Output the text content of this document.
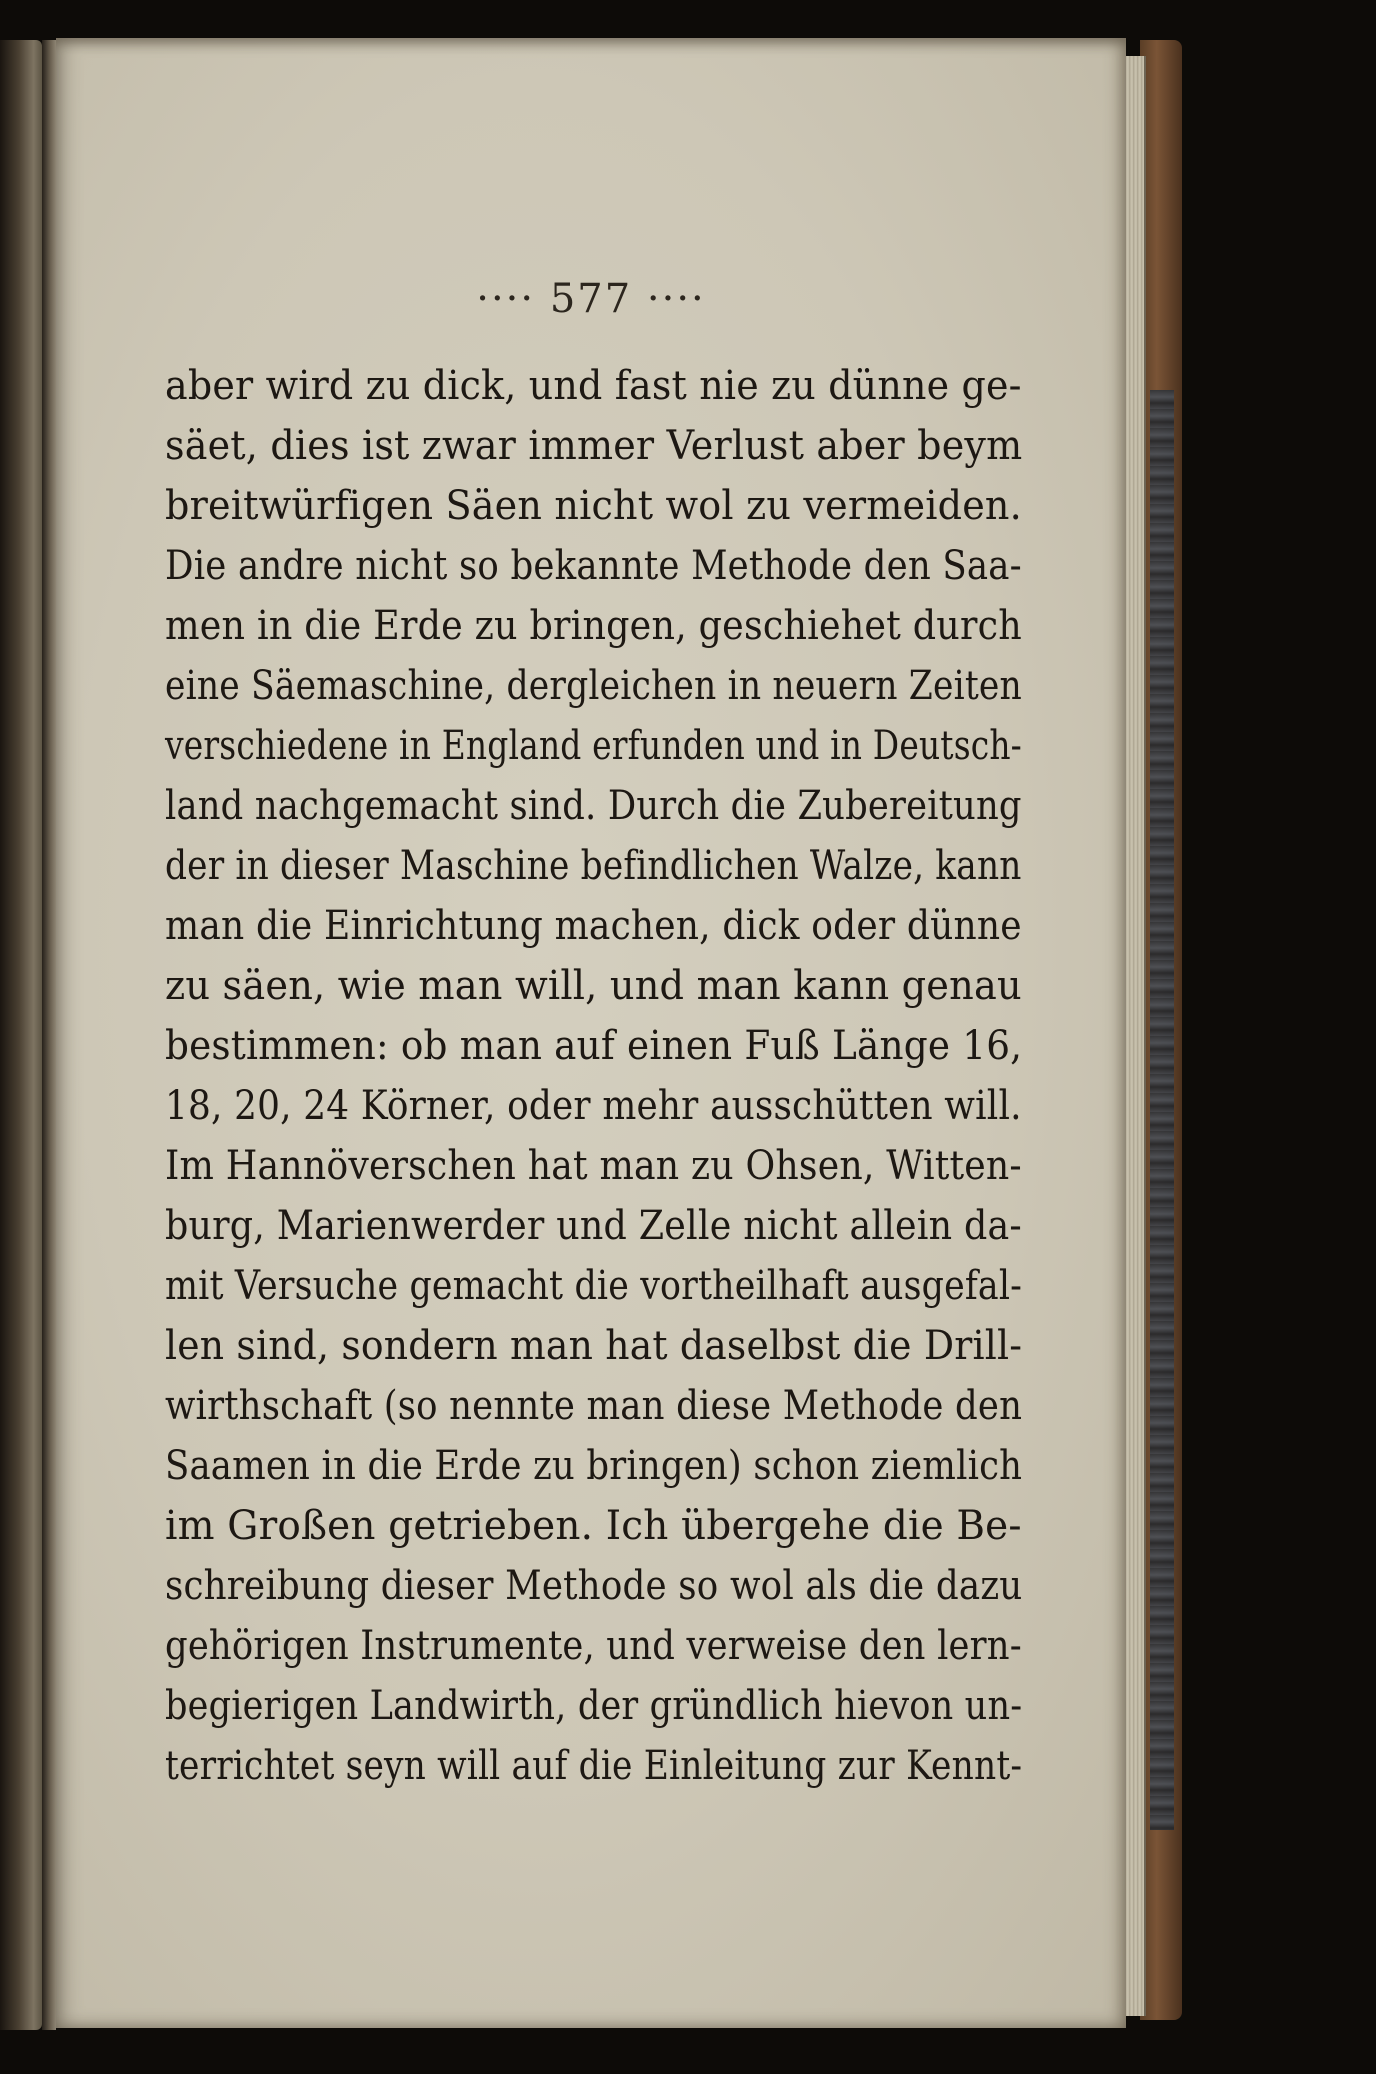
···· 577 ····
aber wird zu dick, und fast nie zu dünne ge-
säet, dies ist zwar immer Verlust aber beym
breitwürfigen Säen nicht wol zu vermeiden.
Die andre nicht so bekannte Methode den Saa-
men in die Erde zu bringen, geschiehet durch
eine Säemaschine, dergleichen in neuern Zeiten
verschiedene in England erfunden und in Deutsch-
land nachgemacht sind. Durch die Zubereitung
der in dieser Maschine befindlichen Walze, kann
man die Einrichtung machen, dick oder dünne
zu säen, wie man will, und man kann genau
bestimmen: ob man auf einen Fuß Länge 16,
18, 20, 24 Körner, oder mehr ausschütten will.
Im Hannöverschen hat man zu Ohsen, Witten-
burg, Marienwerder und Zelle nicht allein da-
mit Versuche gemacht die vortheilhaft ausgefal-
len sind, sondern man hat daselbst die Drill-
wirthschaft (so nennte man diese Methode den
Saamen in die Erde zu bringen) schon ziemlich
im Großen getrieben. Ich übergehe die Be-
schreibung dieser Methode so wol als die dazu
gehörigen Instrumente, und verweise den lern-
begierigen Landwirth, der gründlich hievon un-
terrichtet seyn will auf die Einleitung zur Kennt-
